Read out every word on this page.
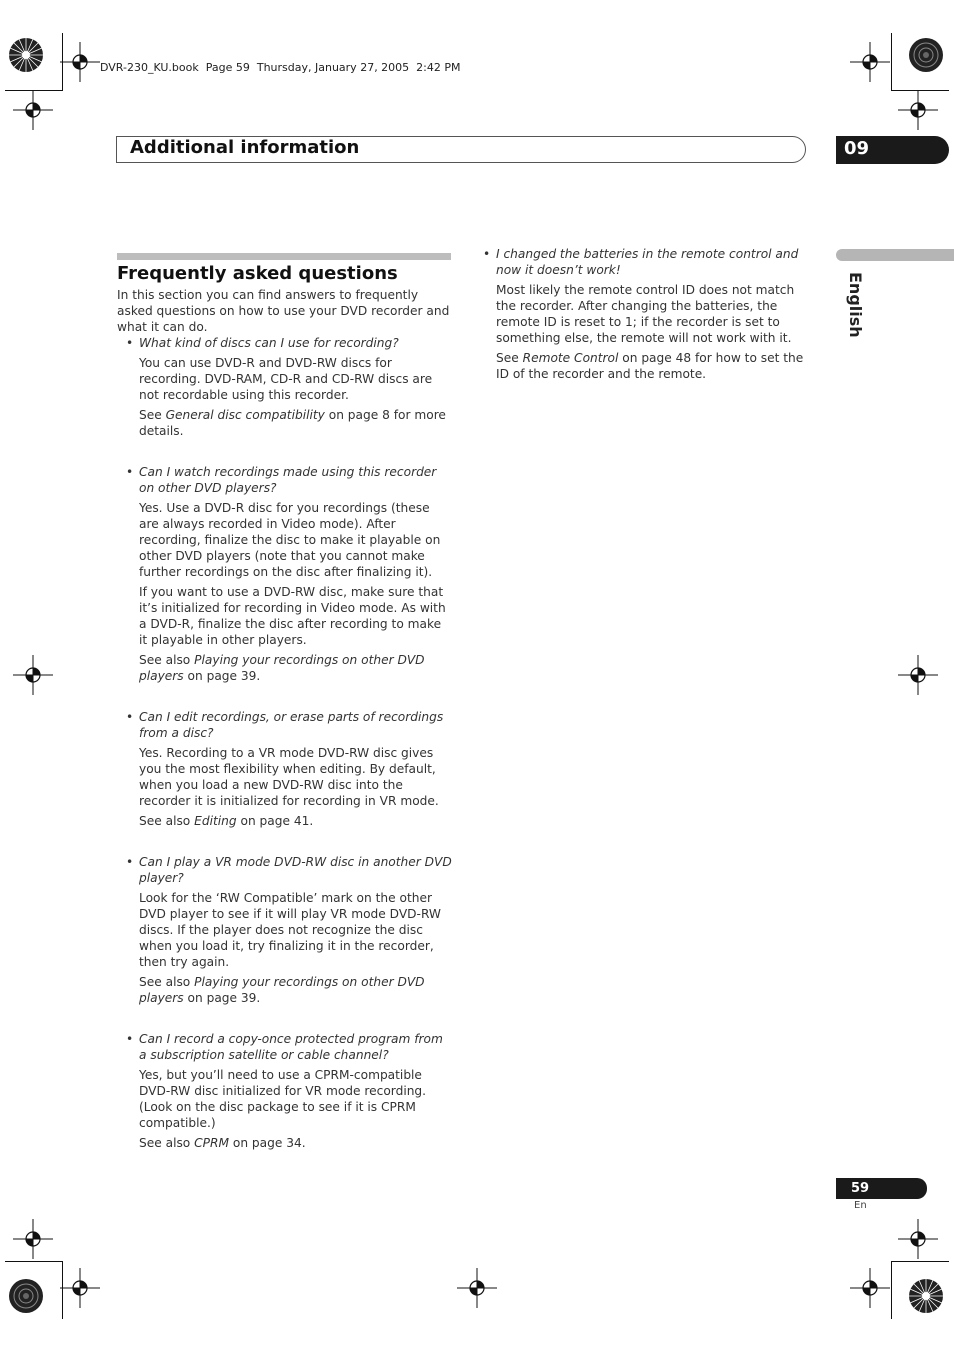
DVR-230_KU.book  Page 59  Thursday, January 27, 2005  2:42 PM
Additional information	09
English
Frequently asked questions

In this section you can find answers to frequently asked questions on how to use your DVD recorder and what it can do.

• What kind of discs can I use for recording?

You can use DVD-R and DVD-RW discs for recording. DVD-RAM, CD-R and CD-RW discs are not recordable using this recorder.

See General disc compatibility on page 8 for more details.

• Can I watch recordings made using this recorder on other DVD players?

Yes. Use a DVD-R disc for you recordings (these are always recorded in Video mode). After recording, finalize the disc to make it playable on other DVD players (note that you cannot make further recordings on the disc after finalizing it).

If you want to use a DVD-RW disc, make sure that it’s initialized for recording in Video mode. As with a DVD-R, finalize the disc after recording to make it playable in other players.

See also Playing your recordings on other DVD players on page 39.

• Can I edit recordings, or erase parts of recordings from a disc?

Yes. Recording to a VR mode DVD-RW disc gives you the most flexibility when editing. By default, when you load a new DVD-RW disc into the recorder it is initialized for recording in VR mode.

See also Editing on page 41.

• Can I play a VR mode DVD-RW disc in another DVD player?

Look for the ‘RW Compatible’ mark on the other DVD player to see if it will play VR mode DVD-RW discs. If the player does not recognize the disc when you load it, try finalizing it in the recorder, then try again.

See also Playing your recordings on other DVD players on page 39.

• Can I record a copy-once protected program from a subscription satellite or cable channel?

Yes, but you’ll need to use a CPRM-compatible DVD-RW disc initialized for VR mode recording. (Look on the disc package to see if it is CPRM compatible.)

See also CPRM on page 34.

• I changed the batteries in the remote control and now it doesn’t work!

Most likely the remote control ID does not match the recorder. After changing the batteries, the remote ID is reset to 1; if the recorder is set to something else, the remote will not work with it.

See Remote Control on page 48 for how to set the ID of the recorder and the remote.

59
En
